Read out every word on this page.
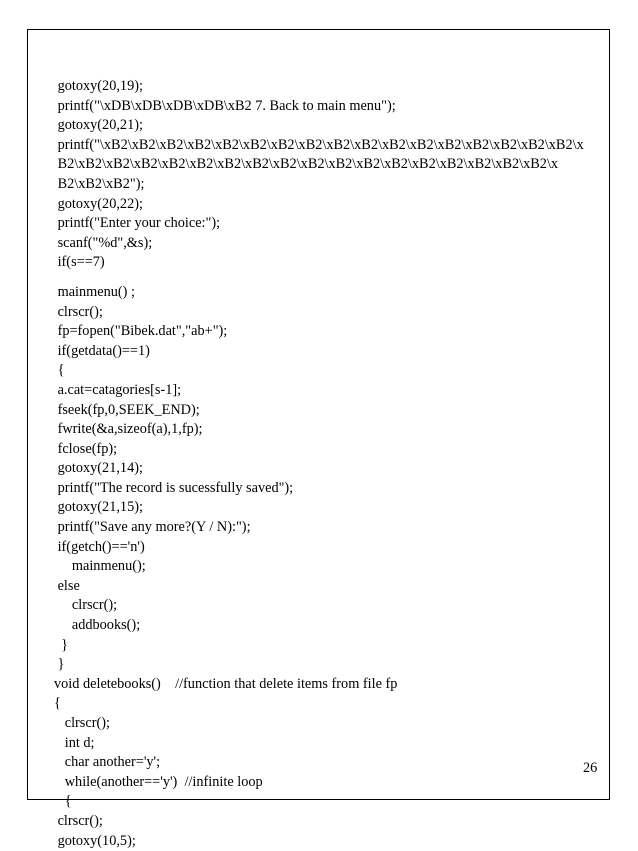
gotoxy(20,19);
printf("\xDB\xDB\xDB\xDB\xB2 7. Back to main menu");
gotoxy(20,21);
printf("\xB2\xB2\xB2\xB2\xB2\xB2\xB2\xB2\xB2\xB2\xB2\xB2\xB2\xB2\xB2\xB2\xB2\x
B2\xB2\xB2\xB2\xB2\xB2\xB2\xB2\xB2\xB2\xB2\xB2\xB2\xB2\xB2\xB2\xB2\xB2\x
B2\xB2\xB2");
gotoxy(20,22);
printf("Enter your choice:");
scanf("%d",&s);
if(s==7)
mainmenu() ;
clrscr();
fp=fopen("Bibek.dat","ab+");
if(getdata()==1)
{
a.cat=catagories[s-1];
fseek(fp,0,SEEK_END);
fwrite(&a,sizeof(a),1,fp);
fclose(fp);
gotoxy(21,14);
printf("The record is sucessfully saved");
gotoxy(21,15);
printf("Save any more?(Y / N):");
if(getch()=='n')
mainmenu();
else
clrscr();
addbooks();
}
}
void deletebooks()    //function that delete items from file fp
{
clrscr();
int d;
char another='y';
while(another=='y')  //infinite loop
{
clrscr();
gotoxy(10,5);
26
